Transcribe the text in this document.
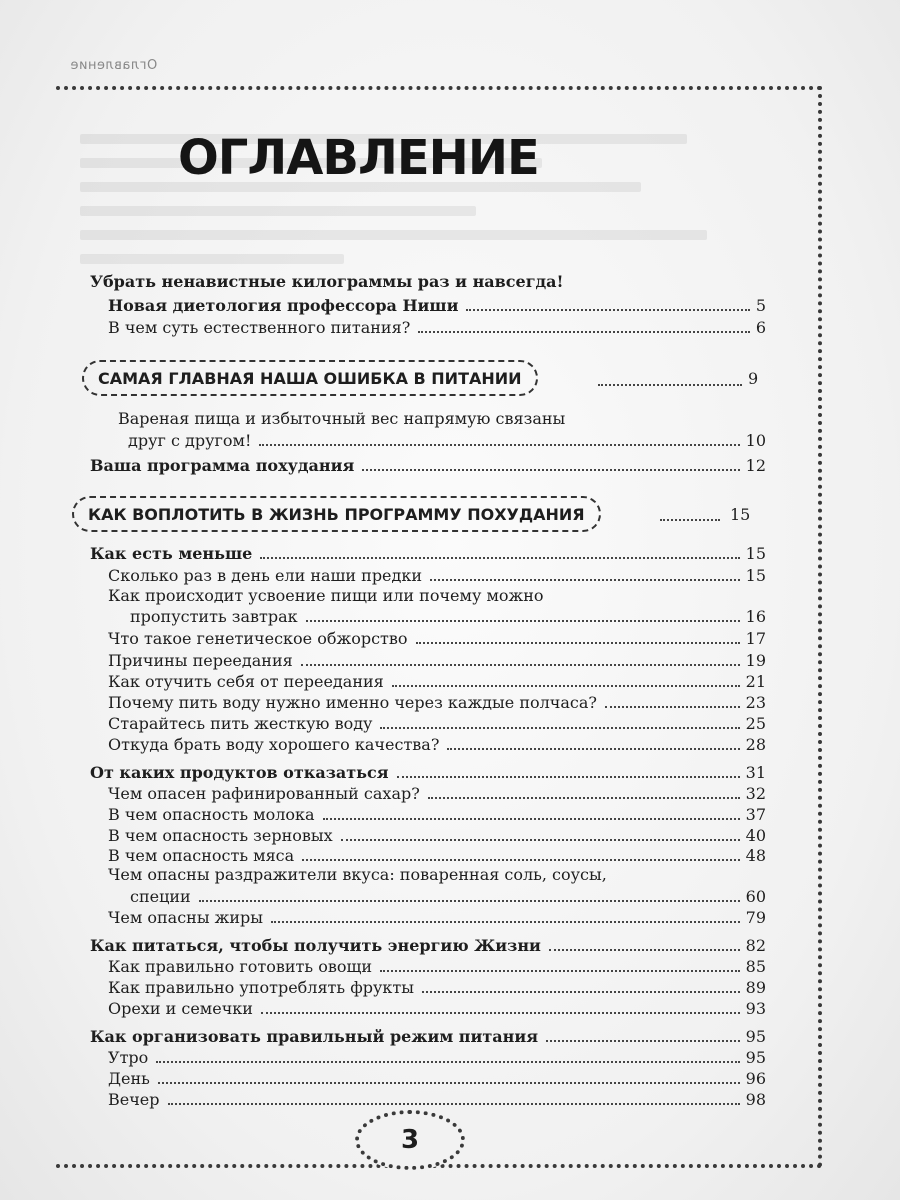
Оглавление
ОГЛАВЛЕНИЕ
Убрать ненавистные килограммы раз и навсегда!
Новая диетология профессора Ниши	5
В чем суть естественного питания?	6
САМАЯ ГЛАВНАЯ НАША ОШИБКА В ПИТАНИИ	9
Вареная пища и избыточный вес напрямую связаны
друг с другом!	10
Ваша программа похудания	12
КАК ВОПЛОТИТЬ В ЖИЗНЬ ПРОГРАММУ ПОХУДАНИЯ	15
Как есть меньше	15
Сколько раз в день ели наши предки	15
Как происходит усвоение пищи или почему можно
пропустить завтрак	16
Что такое генетическое обжорство	17
Причины переедания	19
Как отучить себя от переедания	21
Почему пить воду нужно именно через каждые полчаса?	23
Старайтесь пить жесткую воду	25
Откуда брать воду хорошего качества?	28
От каких продуктов отказаться	31
Чем опасен рафинированный сахар?	32
В чем опасность молока	37
В чем опасность зерновых	40
В чем опасность мяса	48
Чем опасны раздражители вкуса: поваренная соль, соусы,
специи	60
Чем опасны жиры	79
Как питаться, чтобы получить энергию Жизни	82
Как правильно готовить овощи	85
Как правильно употреблять фрукты	89
Орехи и семечки	93
Как организовать правильный режим питания	95
Утро	95
День	96
Вечер	98
3
